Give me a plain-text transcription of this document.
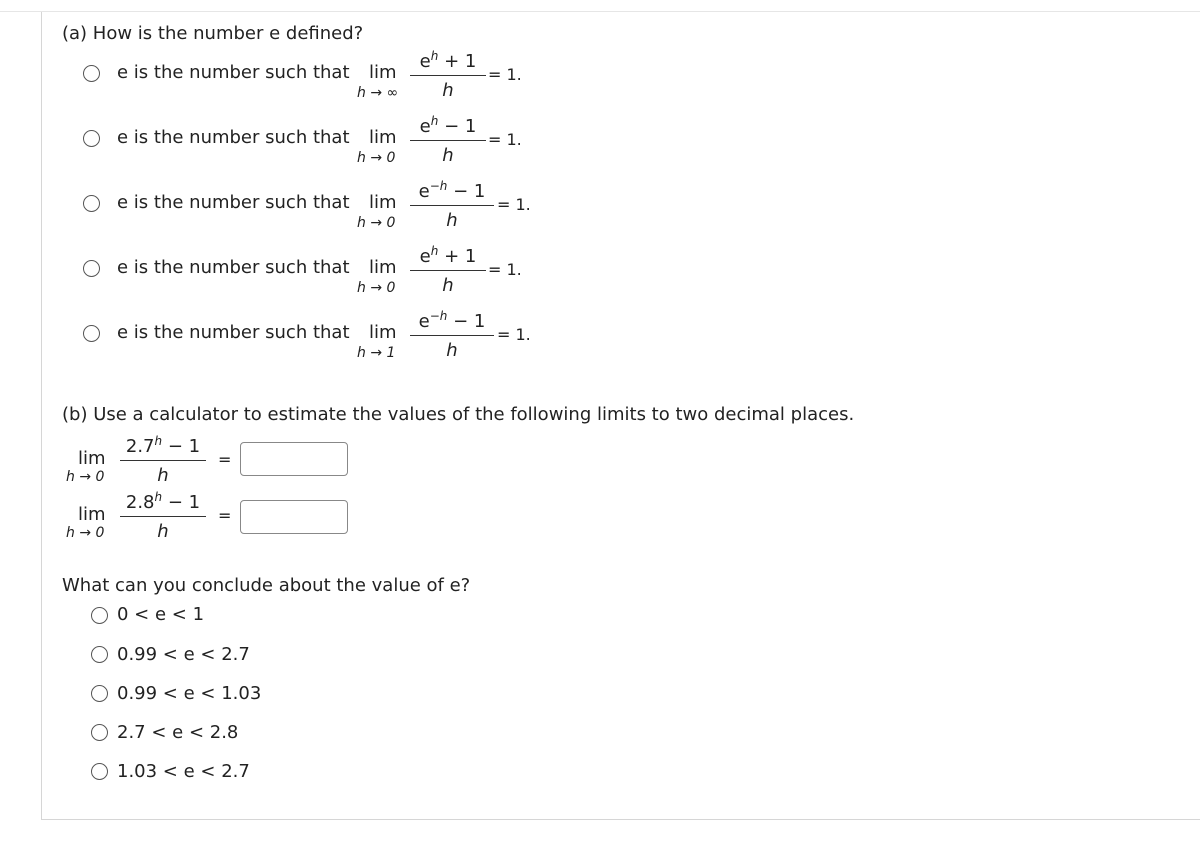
(a) How is the number e defined?
e is the number such that lim
h → ∞
$e^h + 1$
h
= 1.
e is the number such that lim
h → 0
$e^h - 1$
h
= 1.
e is the number such that lim
h → 0
$e^{-h} - 1$
h
= 1.
e is the number such that lim
h → 0
$e^h + 1$
h
= 1.
e is the number such that lim
h → 1
$e^{-h} - 1$
h
= 1.
(b) Use a calculator to estimate the values of the following limits to two decimal places.
lim
h → 0
2.7$^h$ − 1
h
=
lim
h → 0
2.8$^h$ − 1
h
=
What can you conclude about the value of e?
0 < e < 1
0.99 < e < 2.7
0.99 < e < 1.03
2.7 < e < 2.8
1.03 < e < 2.7
